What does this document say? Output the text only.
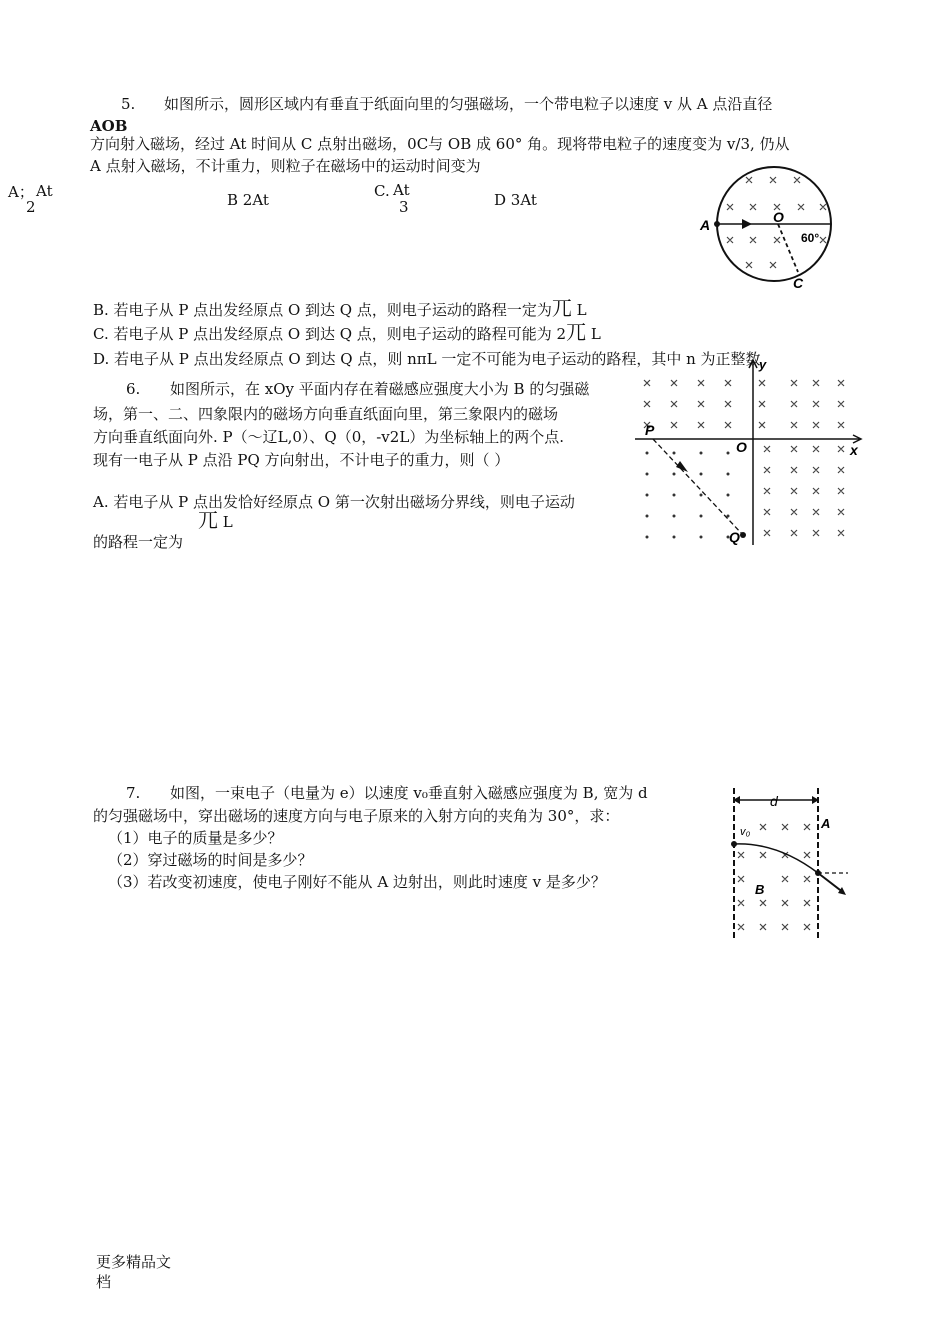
5. 如图所示，圆形区域内有垂直于纸面向里的匀强磁场，一个带电粒子以速度 v 从 A 点沿直径
AOB
方向射入磁场，经过 At 时间从 C 点射出磁场，0C与 OB 成 60° 角。现将带电粒子的速度变为 v/3, 仍从
A 点射入磁场，不计重力，则粒子在磁场中的运动时间变为
A； At
2	B 2At	C. At
3	D 3At
A	O
60°
C
B. 若电子从 P 点出发经原点 O 到达 Q 点，则电子运动的路程一定为兀 L
C. 若电子从 P 点出发经原点 O 到达 Q 点，则电子运动的路程可能为 2兀 L
D. 若电子从 P 点出发经原点 O 到达 Q 点，则 nπL 一定不可能为电子运动的路程，其中 n 为正整数
6. 如图所示，在 xOy 平面内存在着磁感应强度大小为 B 的匀强磁
场，第一、二、四象限内的磁场方向垂直纸面向里，第三象限内的磁场
方向垂直纸面向外. P（〜辽L,0）、Q（0，-v2L）为坐标轴上的两个点.
现有一电子从 P 点沿 PQ 方向射出，不计电子的重力，则（ ）
A. 若电子从 P 点出发恰好经原点 O 第一次射出磁场分界线，则电子运动
兀 L
的路程一定为
y
x
P
O
Q
7. 如图，一束电子（电量为 e）以速度 v₀垂直射入磁感应强度为 B, 宽为 d
的匀强磁场中，穿出磁场的速度方向与电子原来的入射方向的夹角为 30°，求：
（1）电子的质量是多少？
（2）穿过磁场的时间是多少？
（3）若改变初速度，使电子刚好不能从 A 边射出，则此时速度 v 是多少？
d
A
v₀
B
更多精品文
档
